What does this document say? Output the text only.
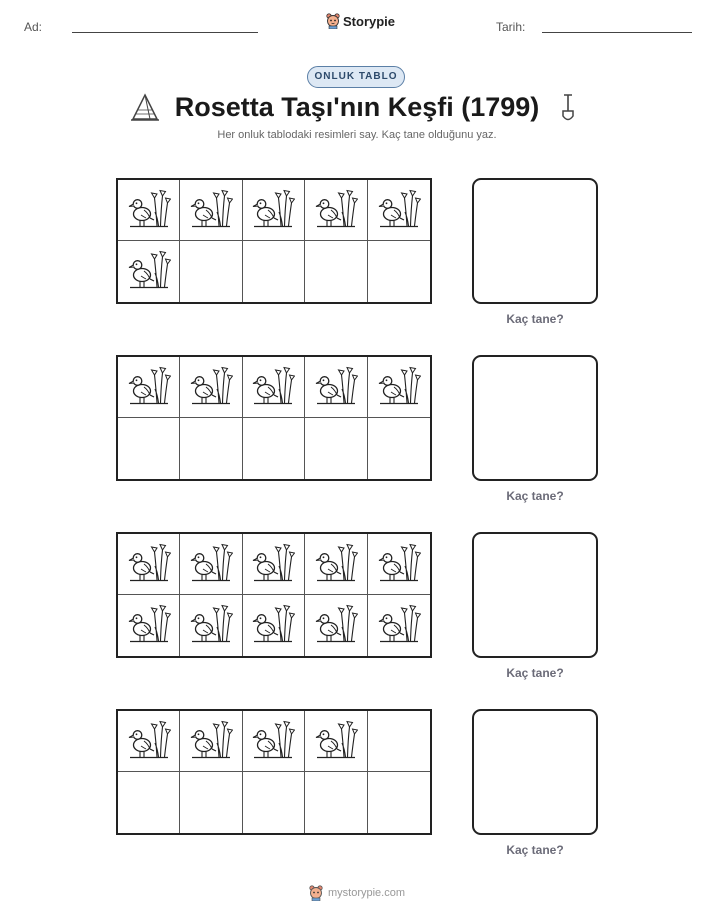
Ad:	Storypie	Tarih:
ONLUK TABLO
Rosetta Taşı'nın Keşfi (1799)
Her onluk tablodaki resimleri say. Kaç tane olduğunu yaz.
Kaç tane?
Kaç tane?
Kaç tane?
Kaç tane?
mystorypie.com
